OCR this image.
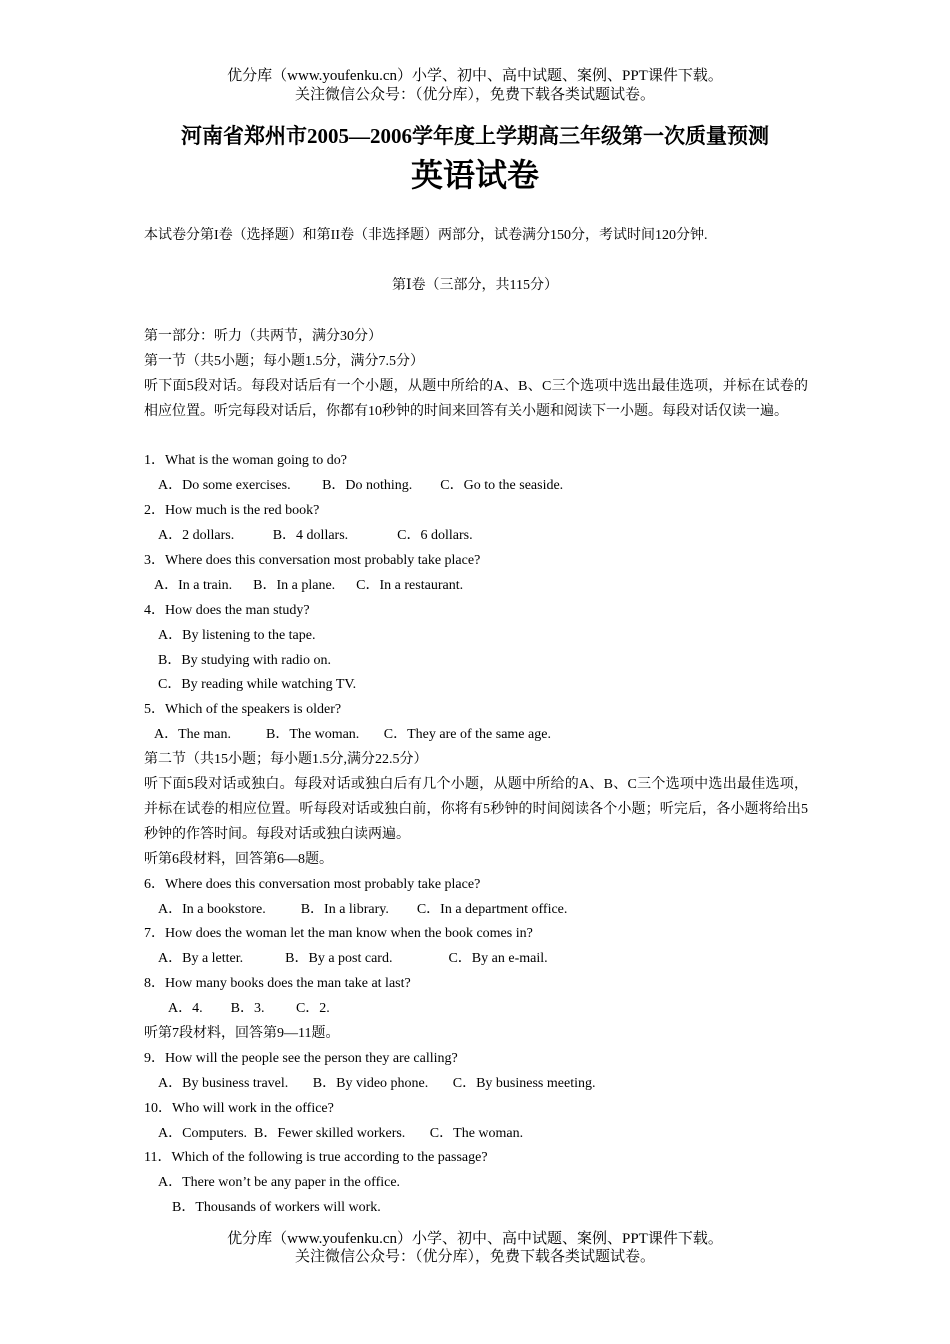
优分库（www.youfenku.cn）小学、初中、高中试题、案例、PPT课件下载。
关注微信公众号：（优分库），免费下载各类试题试卷。
河南省郑州市2005—2006学年度上学期高三年级第一次质量预测
英语试卷
本试卷分第I卷（选择题）和第II卷（非选择题）两部分，试卷满分150分，考试时间120分钟.
第Ⅰ卷（三部分，共115分）
第一部分：听力（共两节，满分30分）
第一节（共5小题；每小题1.5分，满分7.5分）
听下面5段对话。每段对话后有一个小题，从题中所给的A、B、C三个选项中选出最佳选项，并标在试卷的相应位置。听完每段对话后，你都有10秒钟的时间来回答有关小题和阅读下一小题。每段对话仅读一遍。
1．What is the woman going to do?
A．Do some exercises.         B．Do nothing.        C．Go to the seaside.
2．How much is the red book?
A．2 dollars.           B．4 dollars.              C．6 dollars.
3．Where does this conversation most probably take place?
A．In a train.      B．In a plane.      C．In a restaurant.
4．How does the man study?
A．By listening to the tape.
B．By studying with radio on.
C．By reading while watching TV.
5．Which of the speakers is older?
A．The man.          B．The woman.       C．They are of the same age.
第二节（共15小题；每小题1.5分,满分22.5分）
听下面5段对话或独白。每段对话或独白后有几个小题，从题中所给的A、B、C三个选项中选出最佳选项，并标在试卷的相应位置。听每段对话或独白前，你将有5秒钟的时间阅读各个小题；听完后，各小题将给出5秒钟的作答时间。每段对话或独白读两遍。
听第6段材料，回答第6—8题。
6．Where does this conversation most probably take place?
A．In a bookstore.          B．In a library.        C．In a department office.
7．How does the woman let the man know when the book comes in?
A．By a letter.            B．By a post card.                C．By an e-mail.
8．How many books does the man take at last?
A．4.        B．3.         C．2.
听第7段材料，回答第9—11题。
9．How will the people see the person they are calling?
A．By business travel.       B．By video phone.       C．By business meeting.
10．Who will work in the office?
A．Computers.  B．Fewer skilled workers.       C．The woman.
11．Which of the following is true according to the passage?
A．There won’t be any paper in the office.
B．Thousands of workers will work.
优分库（www.youfenku.cn）小学、初中、高中试题、案例、PPT课件下载。
关注微信公众号：（优分库），免费下载各类试题试卷。
